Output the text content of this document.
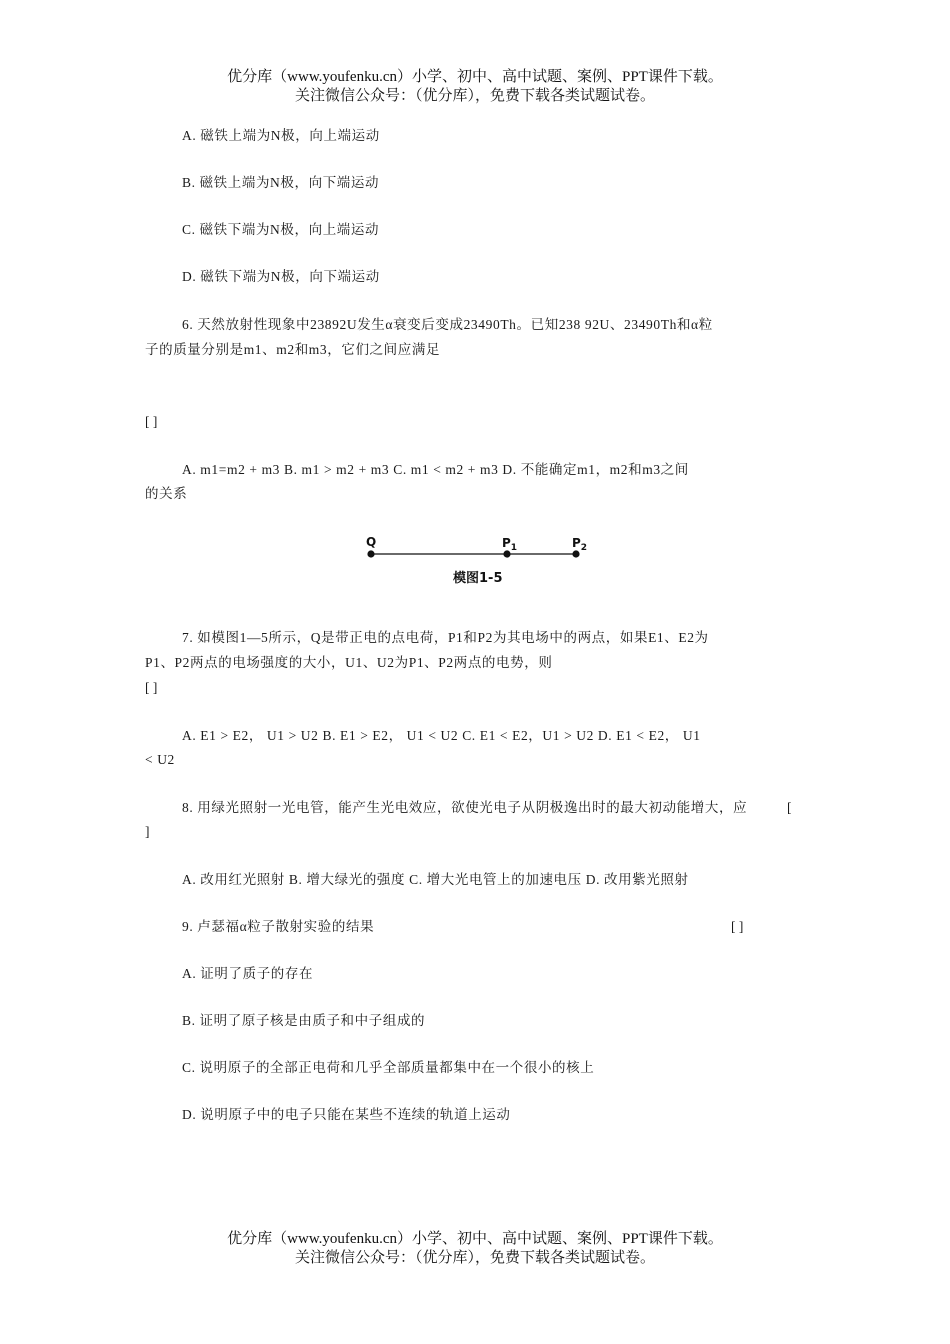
优分库（www.youfenku.cn）小学、初中、高中试题、案例、PPT课件下载。
关注微信公众号：（优分库），免费下载各类试题试卷。
A. 磁铁上端为N极，向上端运动
B. 磁铁上端为N极，向下端运动
C. 磁铁下端为N极，向上端运动
D. 磁铁下端为N极，向下端运动
6. 天然放射性现象中23892U发生α衰变后变成23490Th。已知238 92U、23490Th和α粒
子的质量分别是m1、m2和m3，它们之间应满足
[ ]
A. m1=m2 + m3 B. m1 > m2 + m3 C. m1 < m2 + m3 D. 不能确定m1，m2和m3之间
的关系
Q	$P_1$	$P_2$
模图1-5
7. 如模图1—5所示，Q是带正电的点电荷，P1和P2为其电场中的两点，如果E1、E2为
P1、P2两点的电场强度的大小，U1、U2为P1、P2两点的电势，则
[ ]
A. E1 > E2， U1 > U2 B. E1 > E2， U1 < U2 C. E1 < E2，U1 > U2 D. E1 < E2， U1
< U2
8. 用绿光照射一光电管，能产生光电效应，欲使光电子从阴极逸出时的最大初动能增大，应	[
]
A. 改用红光照射 B. 增大绿光的强度 C. 增大光电管上的加速电压 D. 改用紫光照射
9. 卢瑟福α粒子散射实验的结果	[ ]
A. 证明了质子的存在
B. 证明了原子核是由质子和中子组成的
C. 说明原子的全部正电荷和几乎全部质量都集中在一个很小的核上
D. 说明原子中的电子只能在某些不连续的轨道上运动
优分库（www.youfenku.cn）小学、初中、高中试题、案例、PPT课件下载。
关注微信公众号：（优分库），免费下载各类试题试卷。
